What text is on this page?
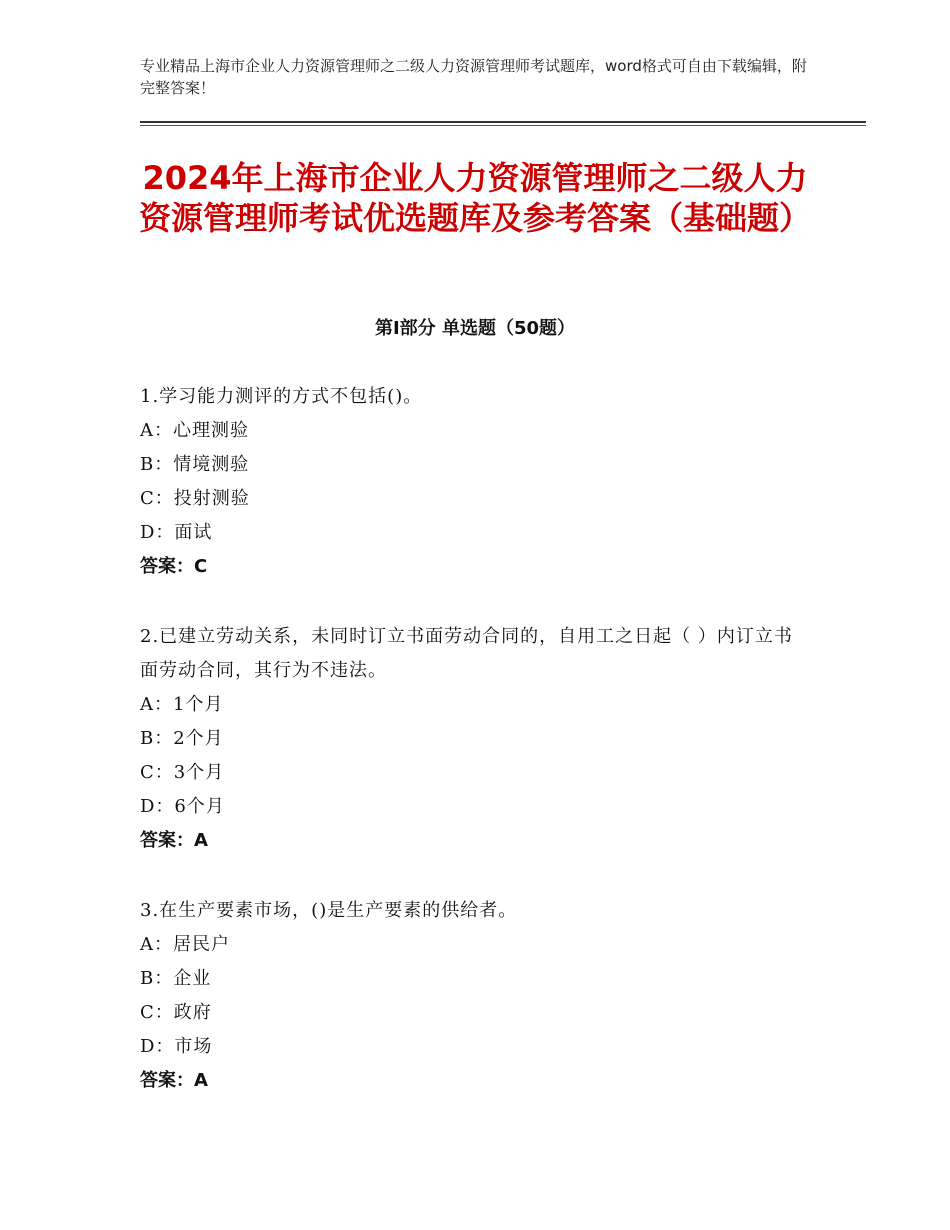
专业精品上海市企业人力资源管理师之二级人力资源管理师考试题库，word格式可自由下载编辑，附完整答案！
2024年上海市企业人力资源管理师之二级人力资源管理师考试优选题库及参考答案（基础题）
第Ⅰ部分 单选题（50题）
1.学习能力测评的方式不包括()。
A：心理测验
B：情境测验
C：投射测验
D：面试
答案：C
2.已建立劳动关系，未同时订立书面劳动合同的，自用工之日起（ ）内订立书面劳动合同，其行为不违法。
A：1个月
B：2个月
C：3个月
D：6个月
答案：A
3.在生产要素市场，()是生产要素的供给者。
A：居民户
B：企业
C：政府
D：市场
答案：A
